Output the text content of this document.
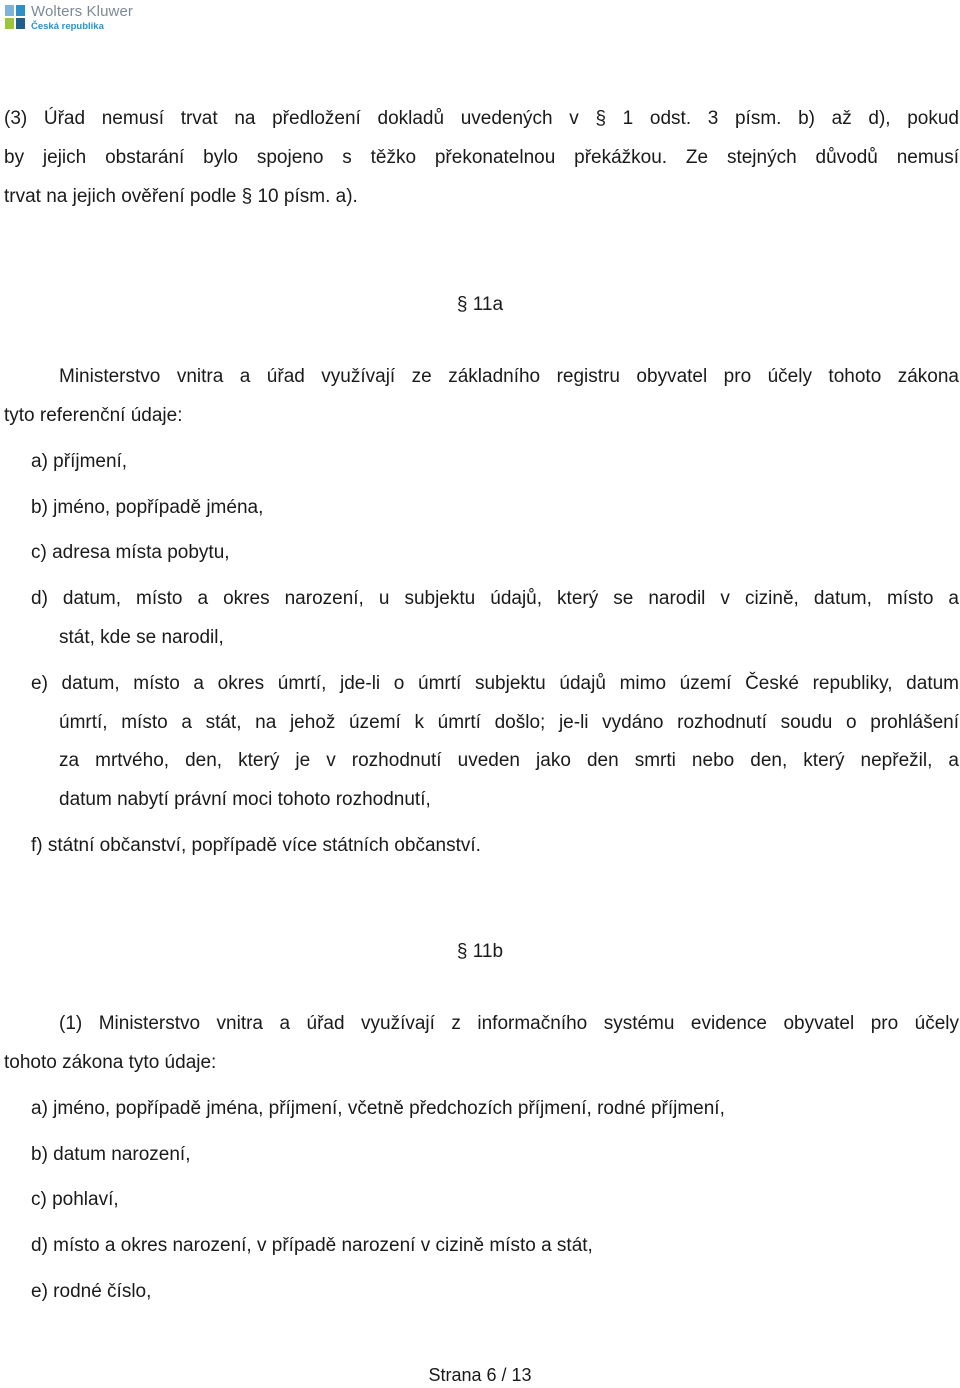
Wolters Kluwer
Česká republika
(3) Úřad nemusí trvat na předložení dokladů uvedených v § 1 odst. 3 písm. b) až d), pokud
by jejich obstarání bylo spojeno s těžko překonatelnou překážkou. Ze stejných důvodů nemusí
trvat na jejich ověření podle § 10 písm. a).
§ 11a
Ministerstvo vnitra a úřad využívají ze základního registru obyvatel pro účely tohoto zákona
tyto referenční údaje:
a) příjmení,
b) jméno, popřípadě jména,
c) adresa místa pobytu,
d) datum, místo a okres narození, u subjektu údajů, který se narodil v cizině, datum, místo a
stát, kde se narodil,
e) datum, místo a okres úmrtí, jde-li o úmrtí subjektu údajů mimo území České republiky, datum
úmrtí, místo a stát, na jehož území k úmrtí došlo; je-li vydáno rozhodnutí soudu o prohlášení
za mrtvého, den, který je v rozhodnutí uveden jako den smrti nebo den, který nepřežil, a
datum nabytí právní moci tohoto rozhodnutí,
f) státní občanství, popřípadě více státních občanství.
§ 11b
(1) Ministerstvo vnitra a úřad využívají z informačního systému evidence obyvatel pro účely
tohoto zákona tyto údaje:
a) jméno, popřípadě jména, příjmení, včetně předchozích příjmení, rodné příjmení,
b) datum narození,
c) pohlaví,
d) místo a okres narození, v případě narození v cizině místo a stát,
e) rodné číslo,
Strana 6 / 13
